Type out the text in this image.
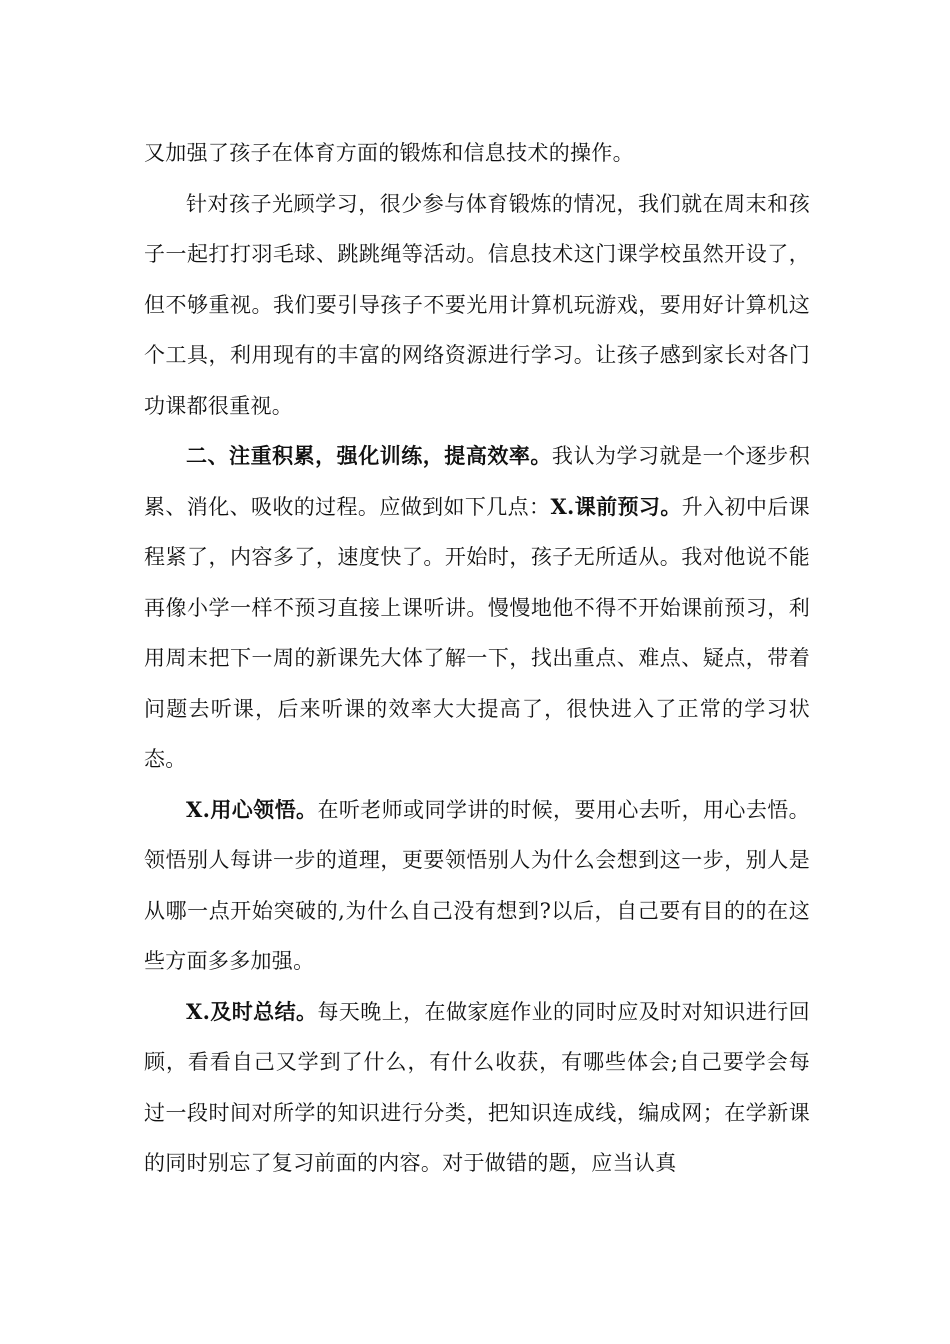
又加强了孩子在体育方面的锻炼和信息技术的操作。

针对孩子光顾学习，很少参与体育锻炼的情况，我们就在周末和孩子一起打打羽毛球、跳跳绳等活动。信息技术这门课学校虽然开设了，但不够重视。我们要引导孩子不要光用计算机玩游戏，要用好计算机这个工具，利用现有的丰富的网络资源进行学习。让孩子感到家长对各门功课都很重视。

二、注重积累，强化训练，提高效率。我认为学习就是一个逐步积累、消化、吸收的过程。应做到如下几点：X.课前预习。升入初中后课程紧了，内容多了，速度快了。开始时，孩子无所适从。我对他说不能再像小学一样不预习直接上课听讲。慢慢地他不得不开始课前预习，利用周末把下一周的新课先大体了解一下，找出重点、难点、疑点，带着问题去听课，后来听课的效率大大提高了，很快进入了正常的学习状态。

X.用心领悟。在听老师或同学讲的时候，要用心去听，用心去悟。领悟别人每讲一步的道理，更要领悟别人为什么会想到这一步，别人是从哪一点开始突破的,为什么自己没有想到?以后，自己要有目的的在这些方面多多加强。

X.及时总结。每天晚上，在做家庭作业的同时应及时对知识进行回顾，看看自己又学到了什么，有什么收获，有哪些体会;自己要学会每过一段时间对所学的知识进行分类，把知识连成线，编成网；在学新课的同时别忘了复习前面的内容。对于做错的题，应当认真
